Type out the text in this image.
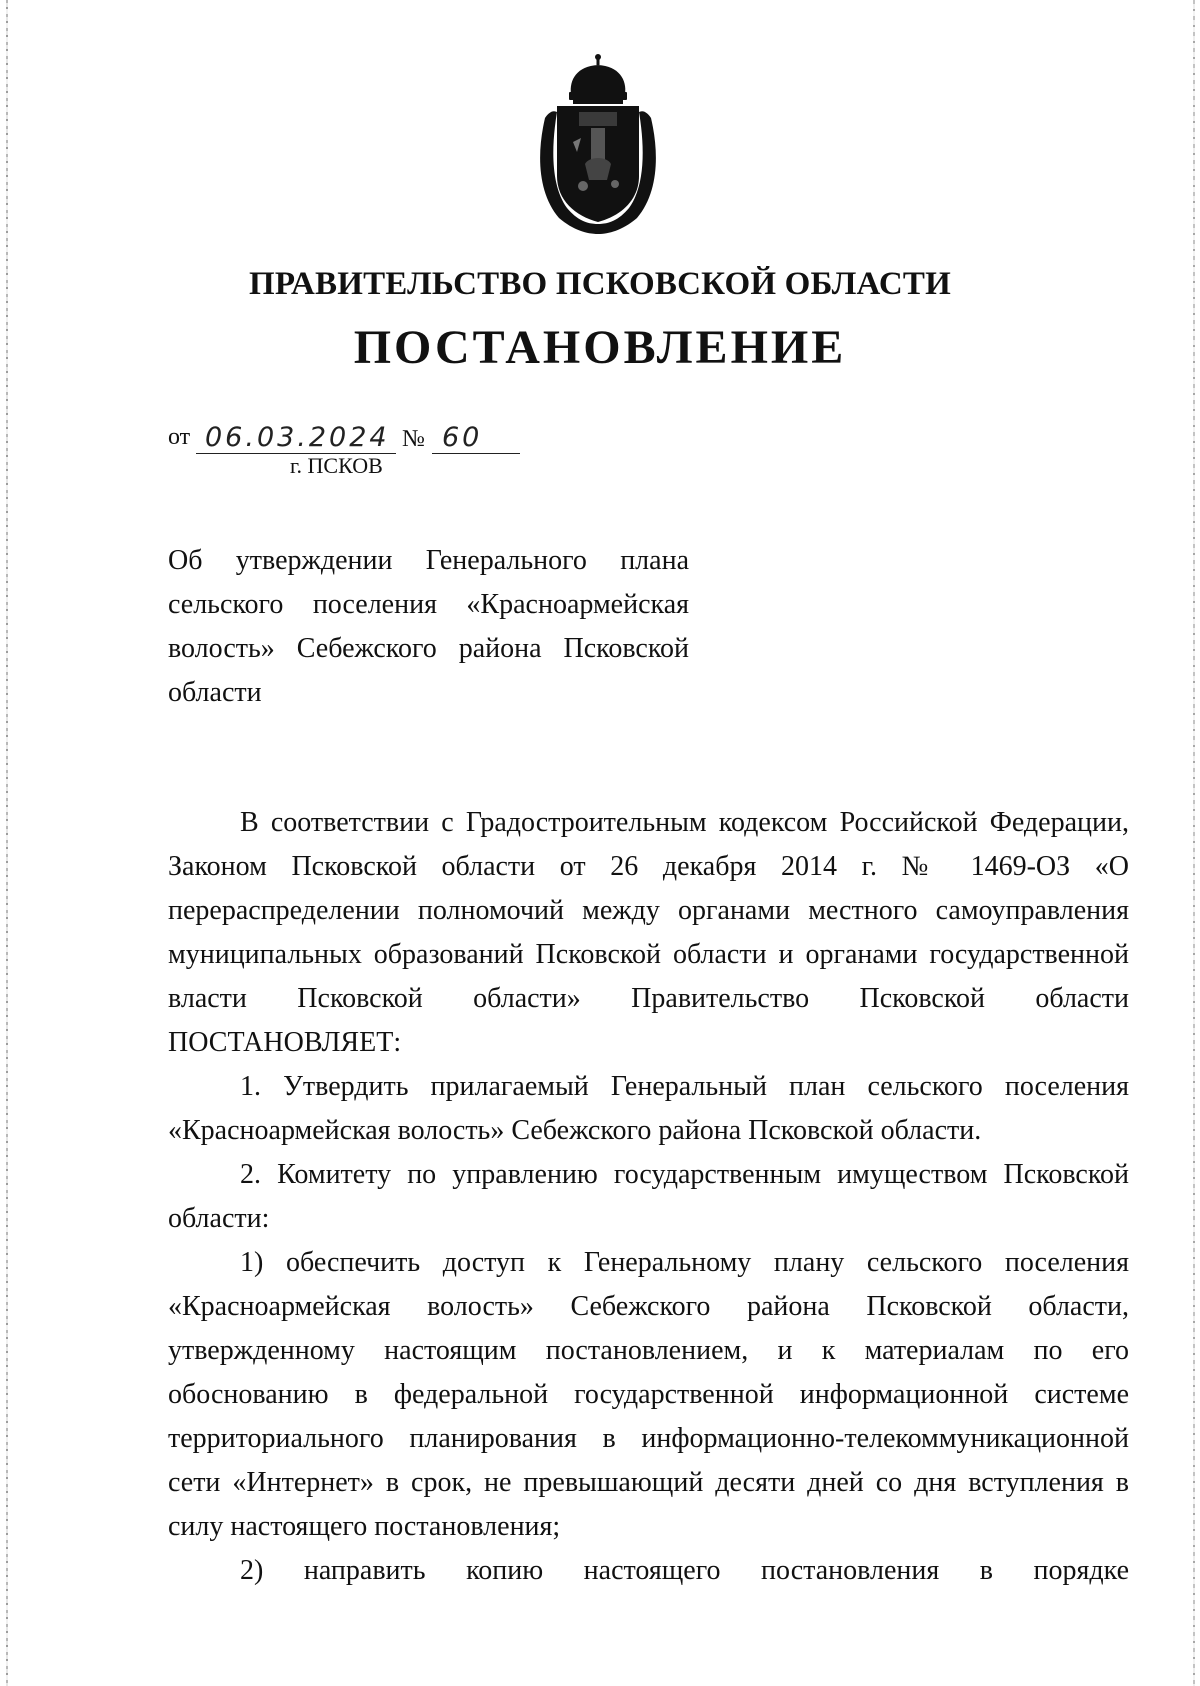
ПРАВИТЕЛЬСТВО ПСКОВСКОЙ ОБЛАСТИ
ПОСТАНОВЛЕНИЕ
от 06.03.2024 № 60
г. ПСКОВ
Об утверждении Генерального плана сельского поселения «Красноармейская волость» Себежского района Псковской области

В соответствии с Градостроительным кодексом Российской Федерации, Законом Псковской области от 26 декабря 2014 г. № 1469-ОЗ «О перераспределении полномочий между органами местного самоуправления муниципальных образований Псковской области и органами государственной власти Псковской области» Правительство Псковской области ПОСТАНОВЛЯЕТ:

1. Утвердить прилагаемый Генеральный план сельского поселения «Красноармейская волость» Себежского района Псковской области.

2. Комитету по управлению государственным имуществом Псковской области:

1) обеспечить доступ к Генеральному плану сельского поселения «Красноармейская волость» Себежского района Псковской области, утвержденному настоящим постановлением, и к материалам по его обоснованию в федеральной государственной информационной системе территориального планирования в информационно-телекоммуникационной сети «Интернет» в срок, не превышающий десяти дней со дня вступления в силу настоящего постановления;

2) направить копию настоящего постановления в порядке
